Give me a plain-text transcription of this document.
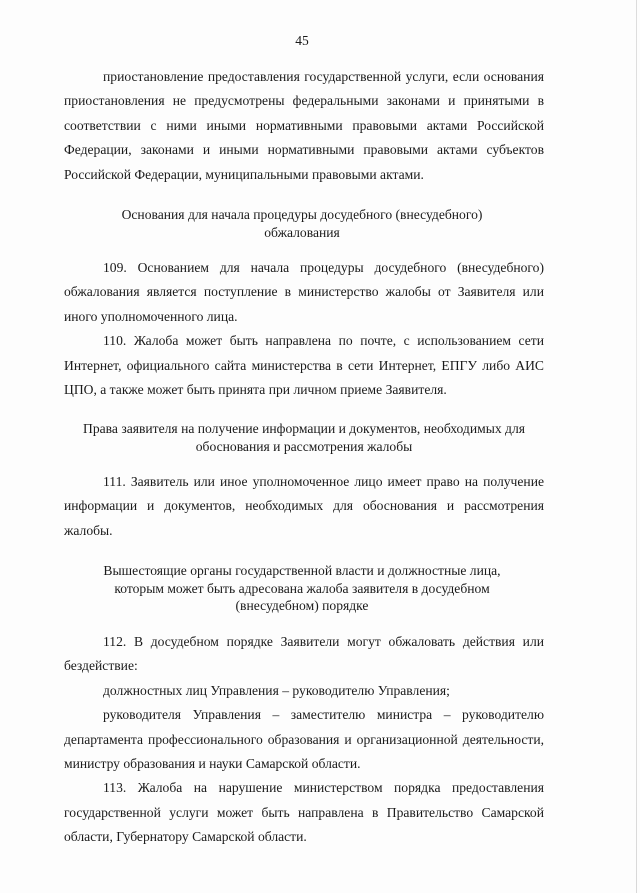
45

приостановление предоставления государственной услуги, если основания приостановления не предусмотрены федеральными законами и принятыми в соответствии с ними иными нормативными правовыми актами Российской Федерации, законами и иными нормативными правовыми актами субъектов Российской Федерации, муниципальными правовыми актами.

Основания для начала процедуры досудебного (внесудебного) обжалования

109. Основанием для начала процедуры досудебного (внесудебного) обжалования является поступление в министерство жалобы от Заявителя или иного уполномоченного лица.

110. Жалоба может быть направлена по почте, с использованием сети Интернет, официального сайта министерства в сети Интернет, ЕПГУ либо АИС ЦПО, а также может быть принята при личном приеме Заявителя.

Права заявителя на получение информации и документов, необходимых для обоснования и рассмотрения жалобы

111. Заявитель или иное уполномоченное лицо имеет право на получение информации и документов, необходимых для обоснования и рассмотрения жалобы.

Вышестоящие органы государственной власти и должностные лица, которым может быть адресована жалоба заявителя в досудебном (внесудебном) порядке

112. В досудебном порядке Заявители могут обжаловать действия или бездействие:

должностных лиц Управления – руководителю Управления;

руководителя Управления – заместителю министра – руководителю департамента профессионального образования и организационной деятельности, министру образования и науки Самарской области.

113. Жалоба на нарушение министерством порядка предоставления государственной услуги может быть направлена в Правительство Самарской области, Губернатору Самарской области.
